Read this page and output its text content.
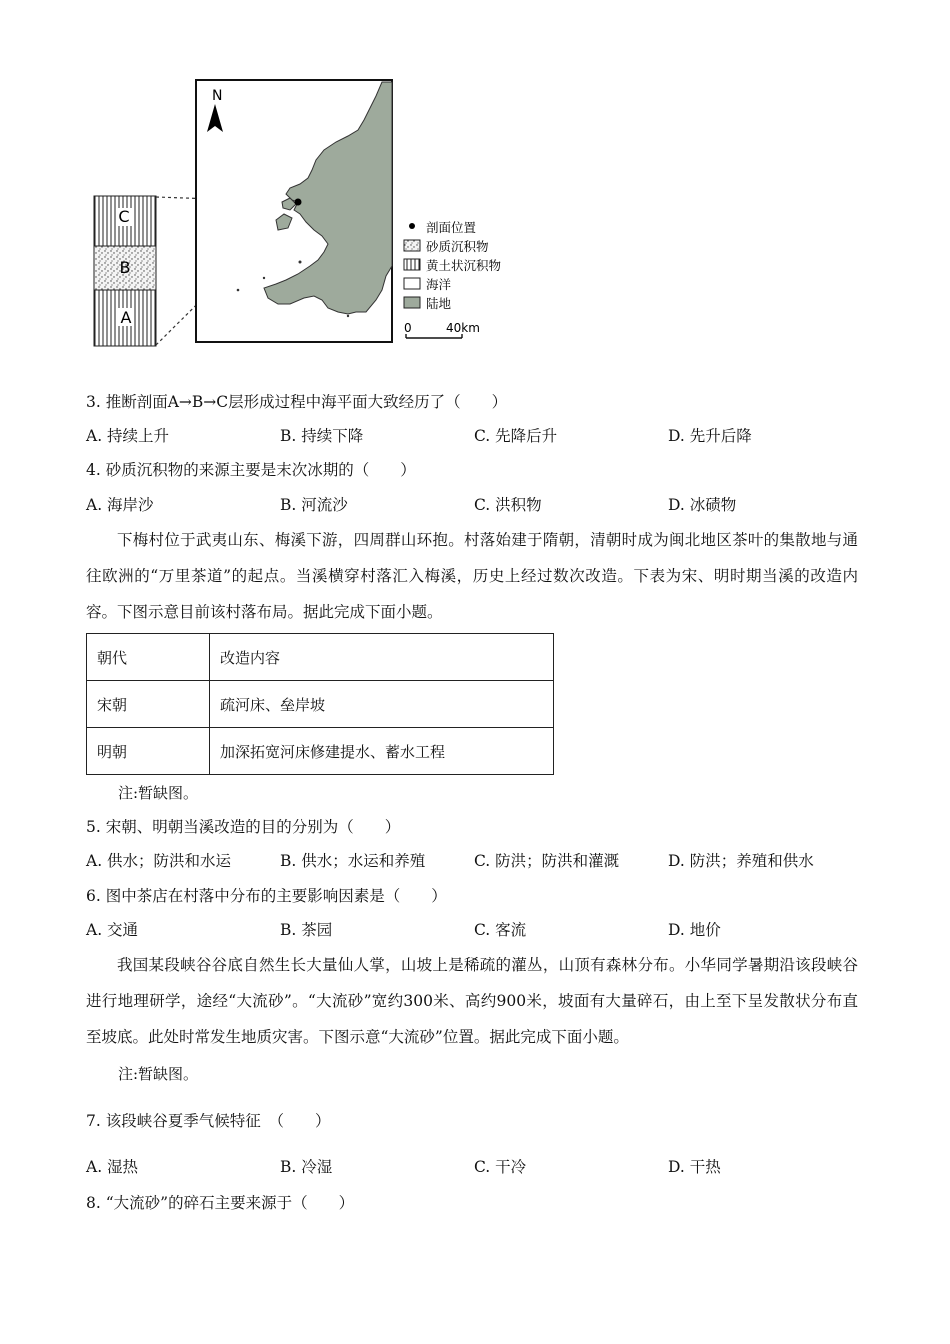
C
B
A
N
剖面位置
砂质沉积物
黄土状沉积物
海洋
陆地
0	40km
3. 推断剖面A→B→C层形成过程中海平面大致经历了（　　）
A. 持续上升	B. 持续下降	C. 先降后升	D. 先升后降
4. 砂质沉积物的来源主要是末次冰期的（　　）
A. 海岸沙	B. 河流沙	C. 洪积物	D. 冰碛物
下梅村位于武夷山东、梅溪下游，四周群山环抱。村落始建于隋朝，清朝时成为闽北地区茶叶的集散地与通往欧洲的“万里茶道”的起点。当溪横穿村落汇入梅溪，历史上经过数次改造。下表为宋、明时期当溪的改造内容。下图示意目前该村落布局。据此完成下面小题。
朝代	改造内容
宋朝	疏河床、垒岸坡
明朝	加深拓宽河床修建提水、蓄水工程
注:暂缺图。
5. 宋朝、明朝当溪改造的目的分别为（　　）
A. 供水；防洪和水运	B. 供水；水运和养殖	C. 防洪；防洪和灌溉	D. 防洪；养殖和供水
6. 图中茶店在村落中分布的主要影响因素是（　　）
A. 交通	B. 茶园	C. 客流	D. 地价
我国某段峡谷谷底自然生长大量仙人掌，山坡上是稀疏的灌丛，山顶有森林分布。小华同学暑期沿该段峡谷进行地理研学，途经“大流砂”。“大流砂”宽约300米、高约900米，坡面有大量碎石，由上至下呈发散状分布直至坡底。此处时常发生地质灾害。下图示意“大流砂”位置。据此完成下面小题。
注:暂缺图。
7. 该段峡谷夏季气候特征　（　　）
A. 湿热	B. 冷湿	C. 干冷	D. 干热
8. “大流砂”的碎石主要来源于（　　）
